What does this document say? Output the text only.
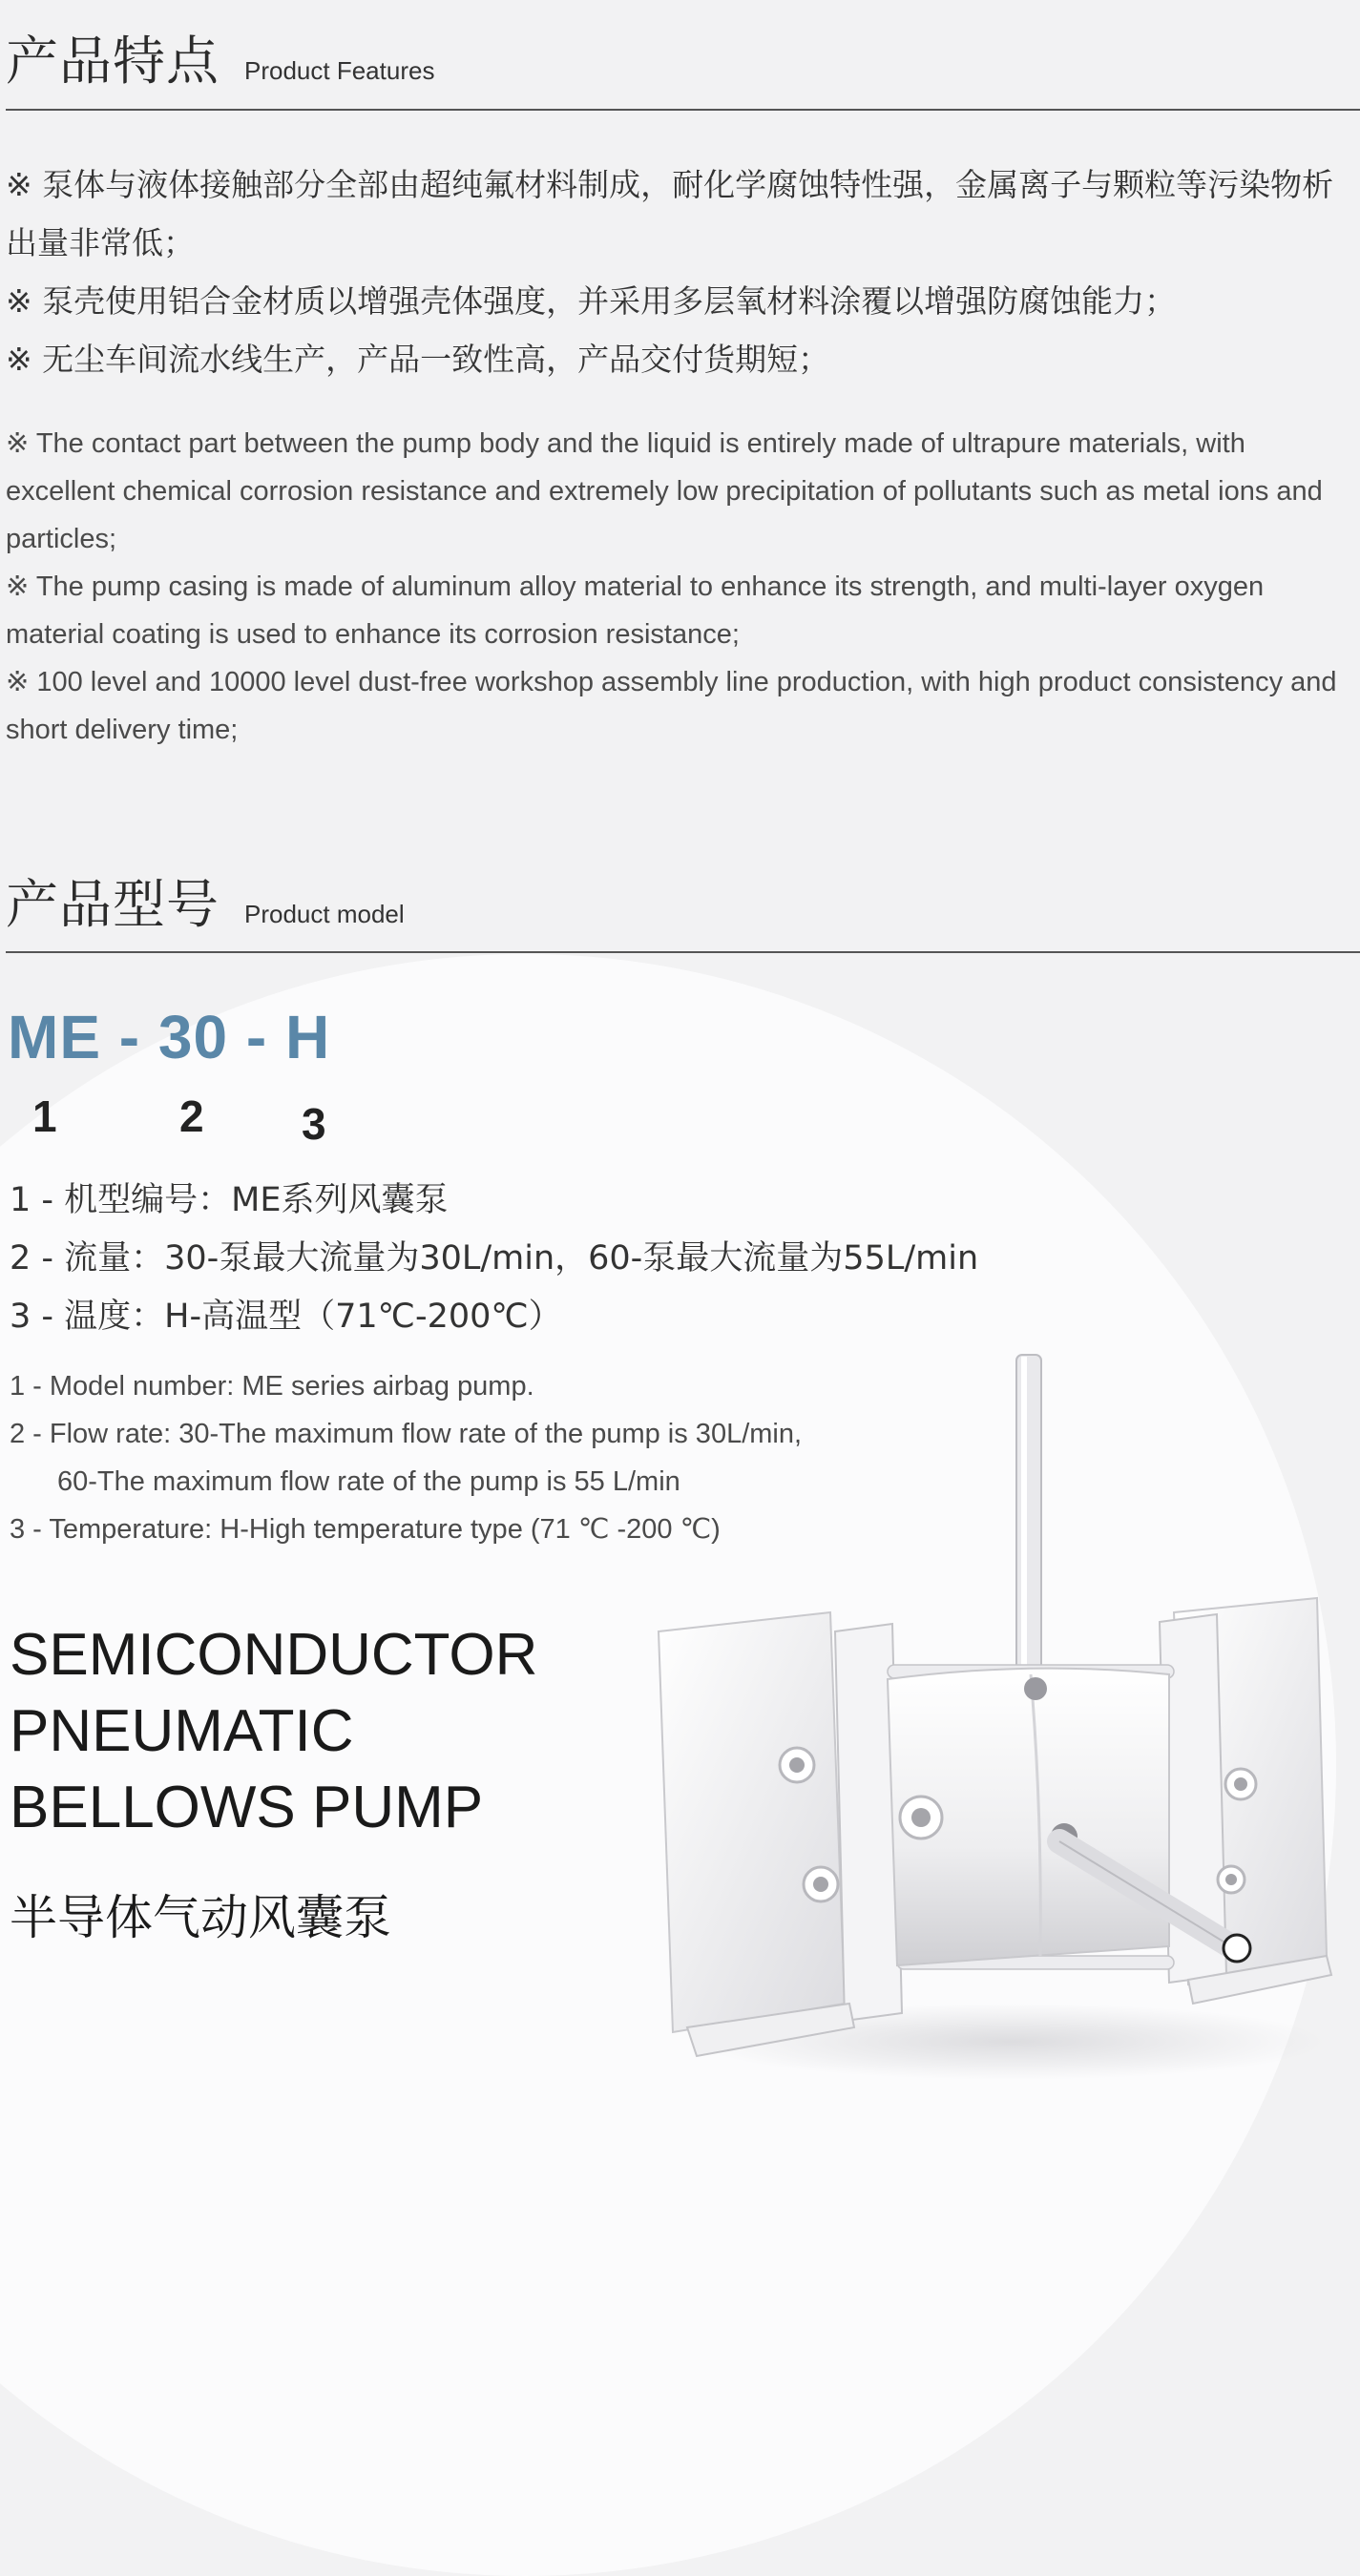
产品特点 Product Features

※ 泵体与液体接触部分全部由超纯氟材料制成，耐化学腐蚀特性强，金属离子与颗粒等污染物析出量非常低；

※ 泵壳使用铝合金材质以增强壳体强度，并采用多层氧材料涂覆以增强防腐蚀能力；

※ 无尘车间流水线生产，产品一致性高，产品交付货期短；

※ The contact part between the pump body and the liquid is entirely made of ultrapure materials, with excellent chemical corrosion resistance and extremely low precipitation of pollutants such as metal ions and particles;

※ The pump casing is made of aluminum alloy material to enhance its strength, and multi-layer oxygen material coating is used to enhance its corrosion resistance;

※ 100 level and 10000 level dust-free workshop assembly line production, with high product consistency and short delivery time;

产品型号 Product model
ME - 30 - H
1	2 3

1 - 机型编号：ME系列风囊泵

2 - 流量：30-泵最大流量为30L/min，60-泵最大流量为55L/min

3 - 温度：H-高温型（71℃-200℃）

1 - Model number: ME series airbag pump.

2 - Flow rate: 30-The maximum flow rate of the pump is 30L/min,

60-The maximum flow rate of the pump is 55 L/min

3 - Temperature: H-High temperature type (71 ℃ -200 ℃)

SEMICONDUCTOR
PNEUMATIC
BELLOWS PUMP
半导体气动风囊泵
